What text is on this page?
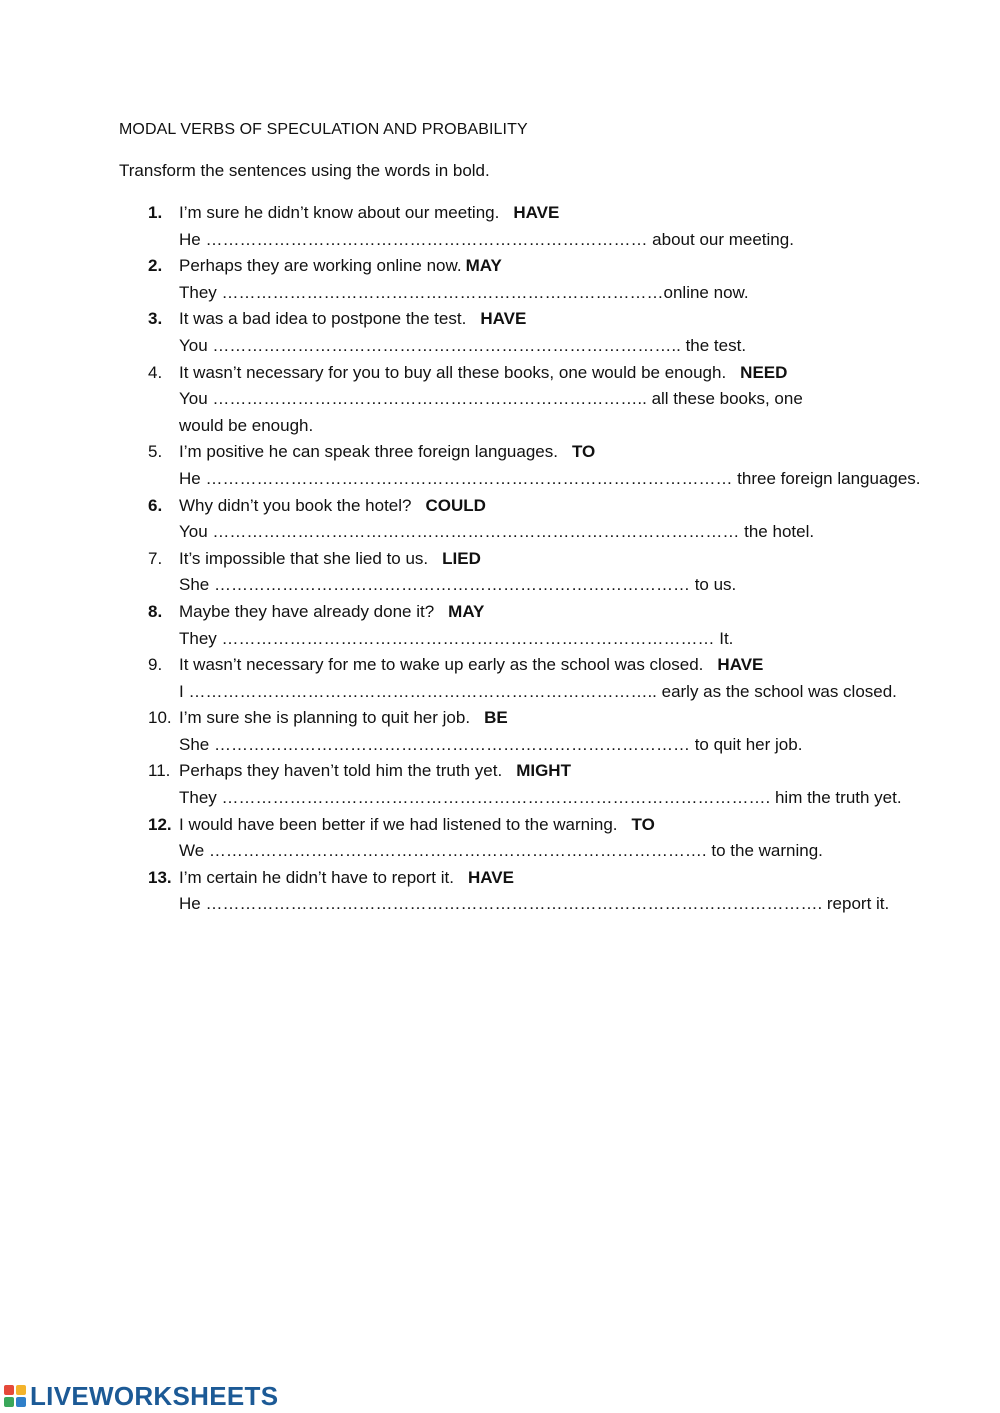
MODAL VERBS OF SPECULATION AND PROBABILITY
Transform the sentences using the words in bold.
1. I’m sure he didn’t know about our meeting. HAVE
He …………………………………………………………………… about our meeting.
2. Perhaps they are working online now. MAY
They ……………………………………………………………………online now.
3. It was a bad idea to postpone the test. HAVE
You ……………………………………………………………………….. the test.
4. It wasn’t necessary for you to buy all these books, one would be enough. NEED
You ………………………………………………………………….. all these books, one would be enough.
5. I’m positive he can speak three foreign languages. TO
He ………………………………………………………………………………… three foreign languages.
6. Why didn’t you book the hotel? COULD
You ………………………………………………………………………………… the hotel.
7. It’s impossible that she lied to us. LIED
She ………………………………………………………………………… to us.
8. Maybe they have already done it? MAY
They …………………………………………………………………………… It.
9. It wasn’t necessary for me to wake up early as the school was closed. HAVE
I ……………………………………………………………………….. early as the school was closed.
10. I’m sure she is planning to quit her job. BE
She ………………………………………………………………………… to quit her job.
11. Perhaps they haven’t told him the truth yet. MIGHT
They ……………………………………………………………………………………. him the truth yet.
12. I would have been better if we had listened to the warning. TO
We ……………………………………………………………………………. to the warning.
13. I’m certain he didn’t have to report it. HAVE
He ………………………………………………………………………………………………. report it.
LIVEWORKSHEETS
